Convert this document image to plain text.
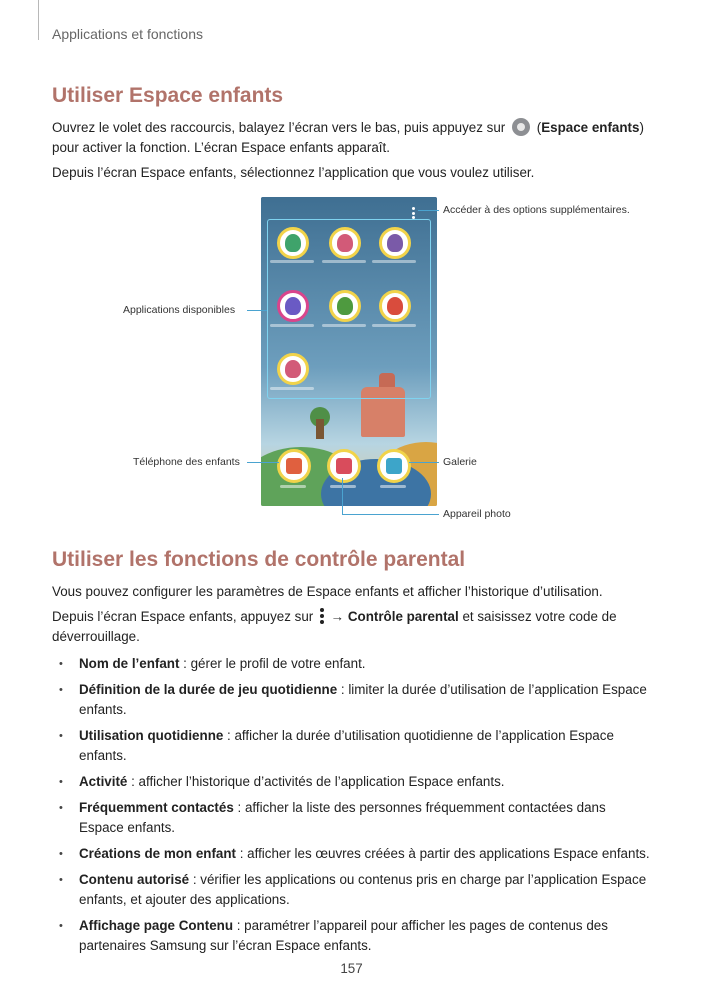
Applications et fonctions
Utiliser Espace enfants

Ouvrez le volet des raccourcis, balayez l’écran vers le bas, puis appuyez sur (Espace enfants) pour activer la fonction. L’écran Espace enfants apparaît.

Depuis l’écran Espace enfants, sélectionnez l’application que vous voulez utiliser.

Accéder à des options supplémentaires.
Applications disponibles
Téléphone des enfants	Galerie
Appareil photo
Utiliser les fonctions de contrôle parental

Vous pouvez configurer les paramètres de Espace enfants et afficher l’historique d’utilisation.

Depuis l’écran Espace enfants, appuyez sur
→ Contrôle parental et saisissez votre code de déverrouillage.

• Nom de l’enfant : gérer le profil de votre enfant.
• Définition de la durée de jeu quotidienne : limiter la durée d’utilisation de l’application Espace enfants.
• Utilisation quotidienne : afficher la durée d’utilisation quotidienne de l’application Espace enfants.
• Activité : afficher l’historique d’activités de l’application Espace enfants.
• Fréquemment contactés : afficher la liste des personnes fréquemment contactées dans Espace enfants.
• Créations de mon enfant : afficher les œuvres créées à partir des applications Espace enfants.
• Contenu autorisé : vérifier les applications ou contenus pris en charge par l’application Espace enfants, et ajouter des applications.
• Affichage page Contenu : paramétrer l’appareil pour afficher les pages de contenus des partenaires Samsung sur l’écran Espace enfants.
157
